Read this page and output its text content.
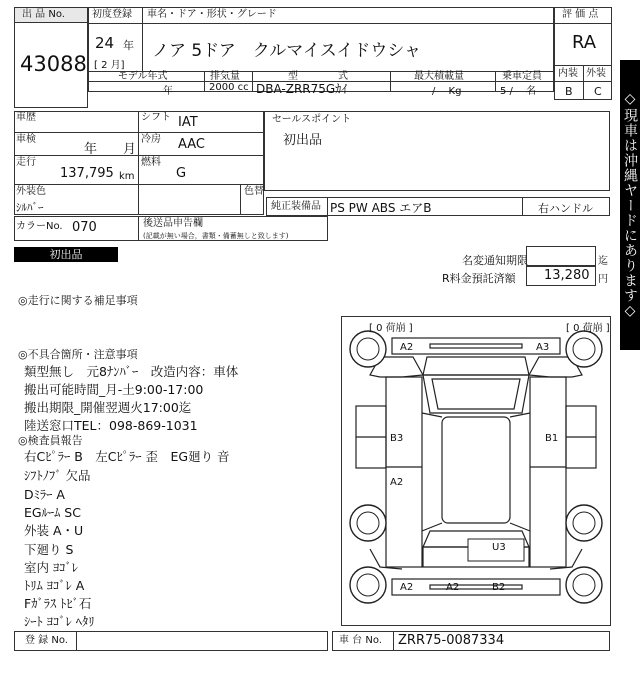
出 品 No.
43088
初度登録 車名・ドア・形状・グレード
24 年
[ 2 月]
ノア 5ドア　クルマイスイドウシャ
モデル年式	排気量	型　　　　式	最大積載量	乗車定員
年	2000 cc DBA-ZRR75Gｶｲ	/　 Kg	5 /　 名
評 価 点
RA
内装 外装
B C ◇現車は沖縄ヤードにあります◇
車歴	シフト IAT
車検
年　　月
冷房 AAC
走行
137,795 km
燃料
G
セールスポイント
初出品
外装色
ｼﾙﾊﾞｰ
色替
純正装備品 PS PW ABS エアB	右ハンドル
カラーNo. 070	後送品申告欄
(記載が無い場合，書類・備蓄無しと致します)
初出品	名変通知期限	迄
R料金預託済額 13,280 円
◎走行に関する補足事項
◎不具合箇所・注意事項
類型無し　元8ﾅﾝﾊﾞｰ　改造内容：車体
搬出可能時間_月-土9:00-17:00
搬出期限_開催翌週火17:00迄
陸送窓口TEL：098-869-1031
◎検査員報告
右Cﾋﾟﾗｰ B　左Cﾋﾟﾗｰ 歪　EG廻り 音
ｼﾌﾄﾉﾌﾞ 欠品
Dﾐﾗｰ A
EGﾙｰﾑ SC
外装 A・U
下廻り S
室内 ﾖｺﾞﾚ
ﾄﾘﾑ ﾖｺﾞﾚ A
Fｶﾞﾗｽ ﾄﾋﾞ石
ｼｰﾄ ﾖｺﾞﾚ ﾍﾀﾘ
[ 0 荷崩 ]	[ 0 荷崩 ]
A2	A3
B3	B1
A2
U3
A2	A2	B2
登 録 No.	車 台 No. ZRR75-0087334
